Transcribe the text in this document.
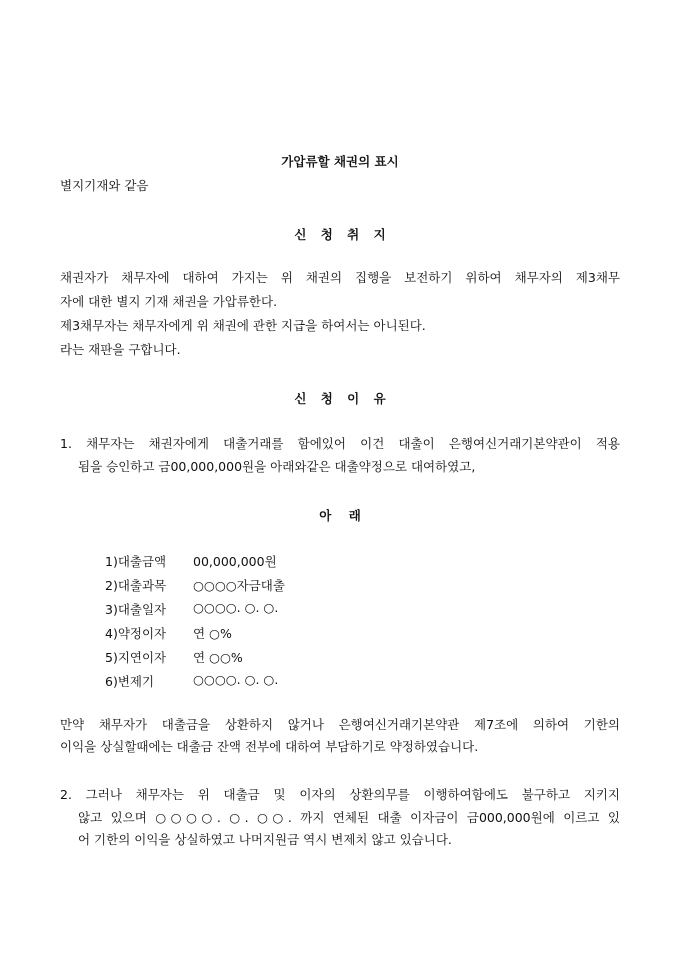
가압류할 채권의 표시
별지기재와 같음
신 청 취 지
채권자가 채무자에 대하여 가지는 위 채권의 집행을 보전하기 위하여 채무자의 제3채무
자에 대한 별지 기재 채권을 가압류한다.
제3채무자는 채무자에게 위 채권에 관한 지급을 하여서는 아니된다.
라는 재판을 구합니다.
신 청 이 유
1. 채무자는 채권자에게 대출거래를 함에있어 이건 대출이 은행여신거래기본약관이 적용
됨을 승인하고 금00,000,000원을 아래와같은 대출약정으로 대여하였고,
아    래
1)대출금액 00,000,000원
2)대출과목 ○○○○자금대출
3)대출일자 ○○○○. ○. ○.
4)약정이자 연 ○%
5)지연이자 연 ○○%
6)변제기	○○○○. ○. ○.
만약 채무자가 대출금을 상환하지 않거나 은행여신거래기본약관 제7조에 의하여 기한의
이익을 상실할때에는 대출금 잔액 전부에 대하여 부담하기로 약정하였습니다.
2. 그러나 채무자는 위 대출금 및 이자의 상환의무를 이행하여함에도 불구하고 지키지
않고 있으며 ○○○○. ○. ○○. 까지 연체된 대출 이자금이 금000,000원에 이르고 있
어 기한의 이익을 상실하였고 나머지원금 역시 변제치 않고 있습니다.
